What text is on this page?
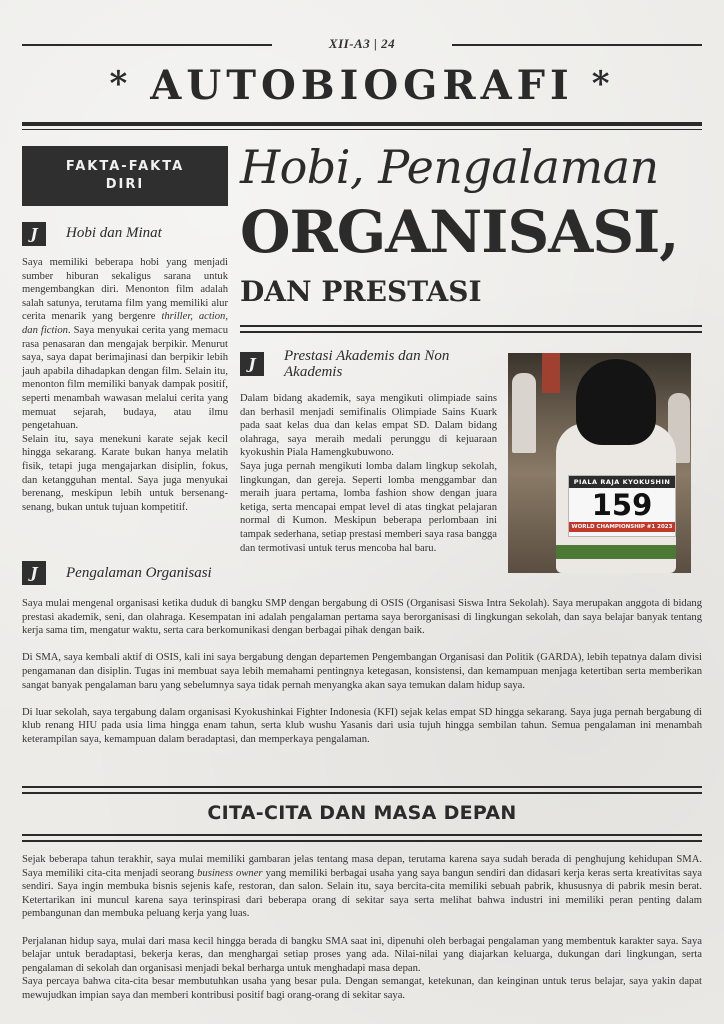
XII-A3 | 24
* AUTOBIOGRAFI *
FAKTA-FAKTA
DIRI	Hobi, Pengalaman
ORGANISASI,
DAN PRESTASI
J	Hobi dan Minat

Saya memiliki beberapa hobi yang menjadi sumber hiburan sekaligus sarana untuk mengembangkan diri. Menonton film adalah salah satunya, terutama film yang memiliki alur cerita menarik yang bergenre thriller, action, dan fiction. Saya menyukai cerita yang memacu rasa penasaran dan mengajak berpikir. Menurut saya, saya dapat berimajinasi dan berpikir lebih jauh apabila dihadapkan dengan film. Selain itu, menonton film memiliki banyak dampak positif, seperti menambah wawasan melalui cerita yang memuat sejarah, budaya, atau ilmu pengetahuan.

Selain itu, saya menekuni karate sejak kecil hingga sekarang. Karate bukan hanya melatih fisik, tetapi juga mengajarkan disiplin, fokus, dan ketangguhan mental. Saya juga menyukai berenang, meskipun lebih untuk bersenang-senang, bukan untuk tujuan kompetitif.

J	Pengalaman Organisasi
J	Prestasi Akademis dan Non Akademis

Dalam bidang akademik, saya mengikuti olimpiade sains dan berhasil menjadi semifinalis Olimpiade Sains Kuark pada saat kelas dua dan kelas empat SD. Dalam bidang olahraga, saya meraih medali perunggu di kejuaraan kyokushin Piala Hamengkubuwono.

Saya juga pernah mengikuti lomba dalam lingkup sekolah, lingkungan, dan gereja. Seperti lomba menggambar dan meraih juara pertama, lomba fashion show dengan juara ketiga, serta mencapai empat level di atas tingkat pelajaran normal di Kumon. Meskipun beberapa perlombaan ini tampak sederhana, setiap prestasi memberi saya rasa bangga dan termotivasi untuk terus mencoba hal baru.

PIALA RAJA KYOKUSHIN
159
WORLD CHAMPIONSHIP #1 2023

Saya mulai mengenal organisasi ketika duduk di bangku SMP dengan bergabung di OSIS (Organisasi Siswa Intra Sekolah). Saya merupakan anggota di bidang prestasi akademik, seni, dan olahraga. Kesempatan ini adalah pengalaman pertama saya berorganisasi di lingkungan sekolah, dan saya belajar banyak tentang kerja sama tim, mengatur waktu, serta cara berkomunikasi dengan berbagai pihak dengan baik.

Di SMA, saya kembali aktif di OSIS, kali ini saya bergabung dengan departemen Pengembangan Organisasi dan Politik (GARDA), lebih tepatnya dalam divisi pengamanan dan disiplin. Tugas ini membuat saya lebih memahami pentingnya ketegasan, konsistensi, dan kemampuan menjaga ketertiban serta memberikan sangat banyak pengalaman baru yang sebelumnya saya tidak pernah menyangka akan saya temukan dalam hidup saya.

Di luar sekolah, saya tergabung dalam organisasi Kyokushinkai Fighter Indonesia (KFI) sejak kelas empat SD hingga sekarang. Saya juga pernah bergabung di klub renang HIU pada usia lima hingga enam tahun, serta klub wushu Yasanis dari usia tujuh hingga sembilan tahun. Semua pengalaman ini menambah keterampilan saya, kemampuan dalam beradaptasi, dan memperkaya pengalaman.

CITA-CITA DAN MASA DEPAN

Sejak beberapa tahun terakhir, saya mulai memiliki gambaran jelas tentang masa depan, terutama karena saya sudah berada di penghujung kehidupan SMA. Saya memiliki cita-cita menjadi seorang business owner yang memiliki berbagai usaha yang saya bangun sendiri dan didasari kerja keras serta kreativitas saya sendiri. Saya ingin membuka bisnis sejenis kafe, restoran, dan salon. Selain itu, saya bercita-cita memiliki sebuah pabrik, khususnya di pabrik mesin berat. Ketertarikan ini muncul karena saya terinspirasi dari beberapa orang di sekitar saya serta melihat bahwa industri ini memiliki peran penting dalam pembangunan dan membuka peluang kerja yang luas.

Perjalanan hidup saya, mulai dari masa kecil hingga berada di bangku SMA saat ini, dipenuhi oleh berbagai pengalaman yang membentuk karakter saya. Saya belajar untuk beradaptasi, bekerja keras, dan menghargai setiap proses yang ada. Nilai-nilai yang diajarkan keluarga, dukungan dari lingkungan, serta pengalaman di sekolah dan organisasi menjadi bekal berharga untuk menghadapi masa depan.

Saya percaya bahwa cita-cita besar membutuhkan usaha yang besar pula. Dengan semangat, ketekunan, dan keinginan untuk terus belajar, saya yakin dapat mewujudkan impian saya dan memberi kontribusi positif bagi orang-orang di sekitar saya.
